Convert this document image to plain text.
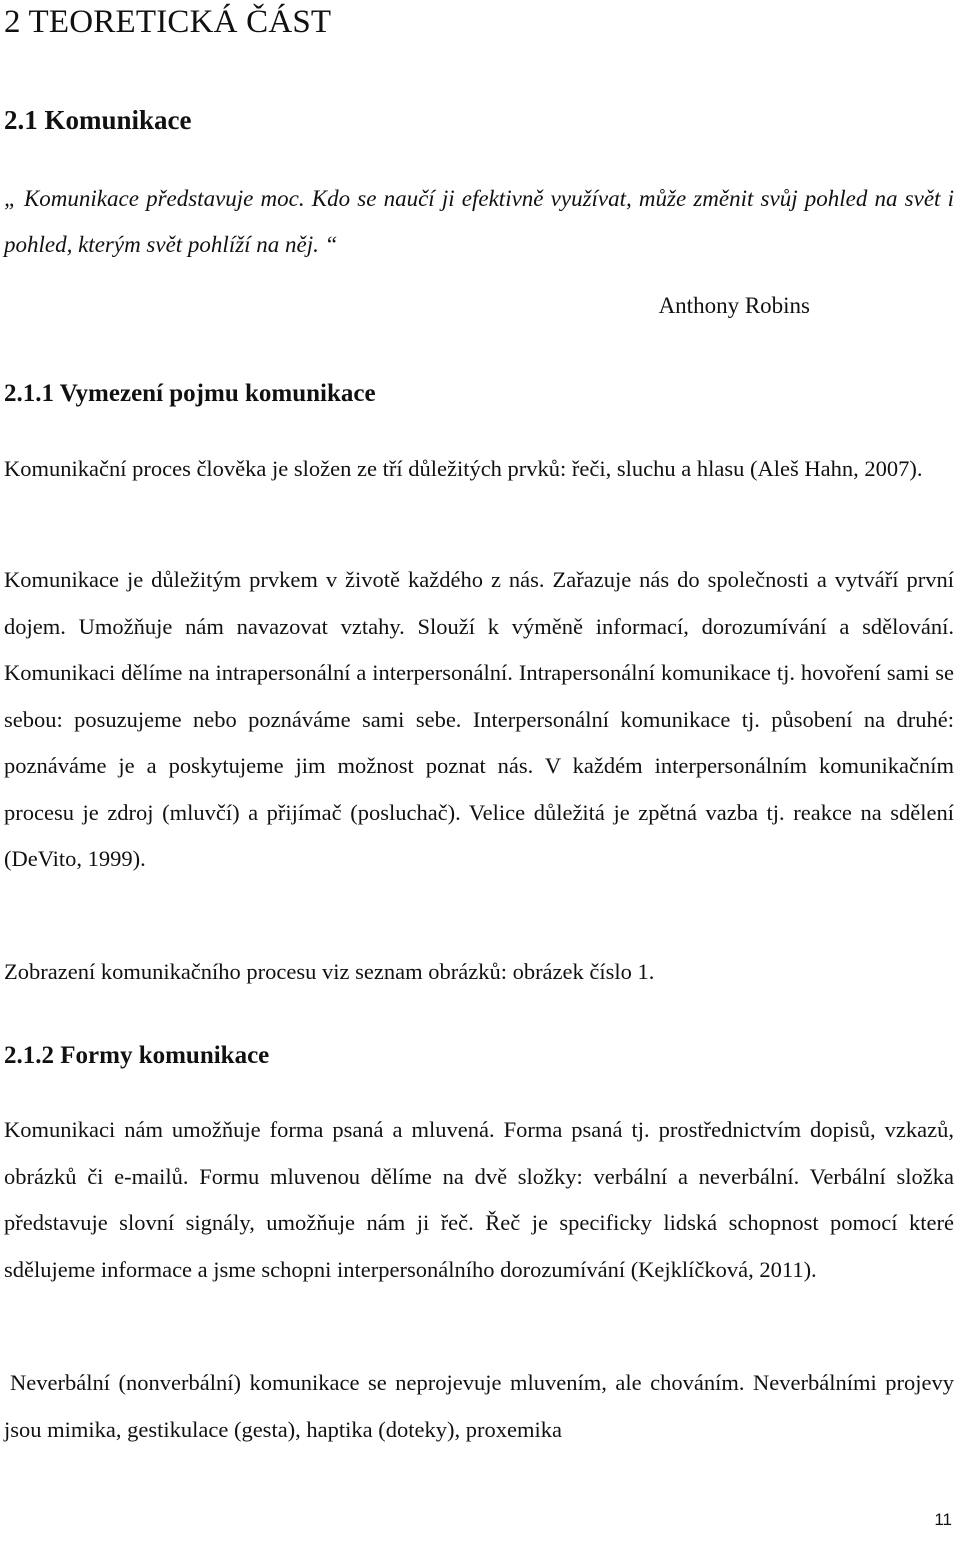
2 TEORETICKÁ ČÁST
2.1 Komunikace

„ Komunikace představuje moc. Kdo se naučí ji efektivně využívat, může změnit svůj pohled na svět i pohled, kterým svět pohlíží na něj. “

Anthony Robins

2.1.1 Vymezení pojmu komunikace

Komunikační proces člověka je složen ze tří důležitých prvků: řeči, sluchu a hlasu (Aleš Hahn, 2007).

Komunikace je důležitým prvkem v životě každého z nás. Zařazuje nás do společnosti a vytváří první dojem. Umožňuje nám navazovat vztahy. Slouží k výměně informací, dorozumívání a sdělování. Komunikaci dělíme na intrapersonální a interpersonální. Intrapersonální komunikace tj. hovoření sami se sebou: posuzujeme nebo poznáváme sami sebe. Interpersonální komunikace tj. působení na druhé: poznáváme je a poskytujeme jim možnost poznat nás. V každém interpersonálním komunikačním procesu je zdroj (mluvčí) a přijímač (posluchač). Velice důležitá je zpětná vazba tj. reakce na sdělení (DeVito, 1999).

Zobrazení komunikačního procesu viz seznam obrázků: obrázek číslo 1.

2.1.2 Formy komunikace

Komunikaci nám umožňuje forma psaná a mluvená. Forma psaná tj. prostřednictvím dopisů, vzkazů, obrázků či e-mailů. Formu mluvenou dělíme na dvě složky: verbální a neverbální. Verbální složka představuje slovní signály, umožňuje nám ji řeč. Řeč je specificky lidská schopnost pomocí které sdělujeme informace a jsme schopni interpersonálního dorozumívání (Kejklíčková, 2011).

Neverbální (nonverbální) komunikace se neprojevuje mluvením, ale chováním. Neverbálními projevy jsou mimika, gestikulace (gesta), haptika (doteky), proxemika

11
